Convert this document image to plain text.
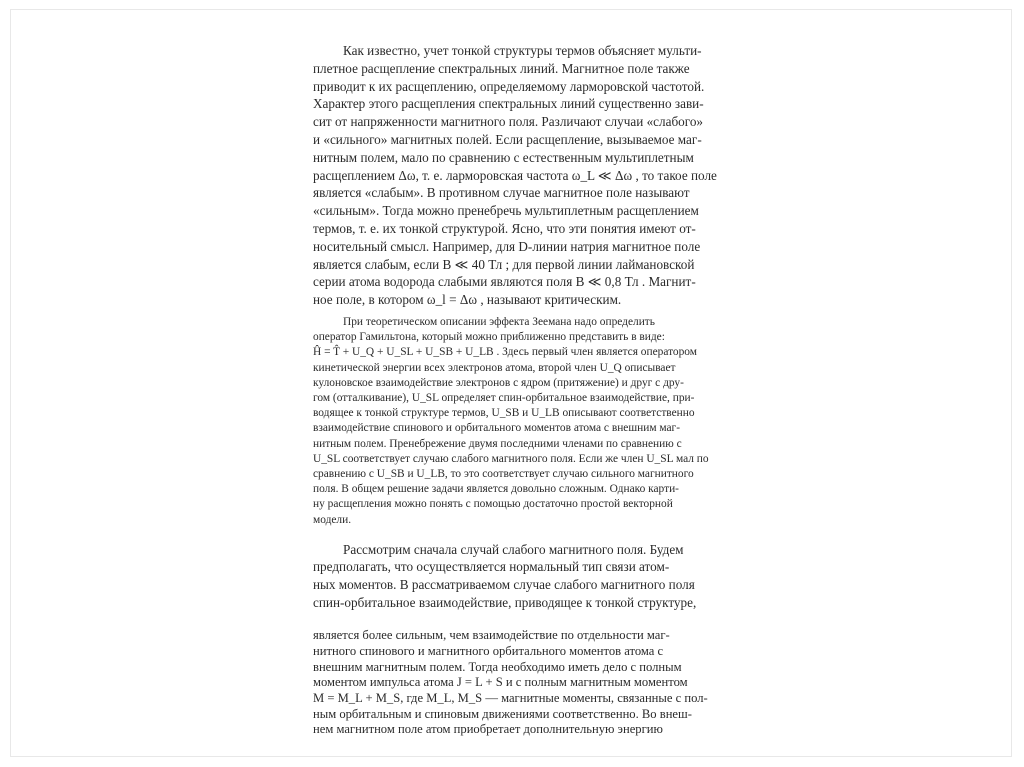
Как известно, учет тонкой структуры термов объясняет мульти-
плетное расщепление спектральных линий. Магнитное поле также
приводит к их расщеплению, определяемому ларморовской частотой.
Характер этого расщепления спектральных линий существенно зави-
сит от напряженности магнитного поля. Различают случаи «слабого»
и «сильного» магнитных полей. Если расщепление, вызываемое маг-
нитным полем, мало по сравнению с естественным мультиплетным
расщеплением Δω, т. е. ларморовская частота ω_L ≪ Δω , то такое поле
является «слабым». В противном случае магнитное поле называют
«сильным». Тогда можно пренебречь мультиплетным расщеплением
термов, т. е. их тонкой структурой. Ясно, что эти понятия имеют от-
носительный смысл. Например, для D-линии натрия магнитное поле
является слабым, если B ≪ 40 Тл ; для первой линии лаймановской
серии атома водорода слабыми являются поля B ≪ 0,8 Тл . Магнит-
ное поле, в котором ω_l = Δω , называют критическим.
При теоретическом описании эффекта Зеемана надо определить
оператор Гамильтона, который можно приближенно представить в виде:
Ĥ = T̂ + U_Q + U_SL + U_SB + U_LB . Здесь первый член является оператором
кинетической энергии всех электронов атома, второй член U_Q описывает
кулоновское взаимодействие электронов с ядром (притяжение) и друг с дру-
гом (отталкивание), U_SL определяет спин-орбитальное взаимодействие, при-
водящее к тонкой структуре термов, U_SB и U_LB описывают соответственно
взаимодействие спинового и орбитального моментов атома с внешним маг-
нитным полем. Пренебрежение двумя последними членами по сравнению с
U_SL соответствует случаю слабого магнитного поля. Если же член U_SL мал по
сравнению с U_SB и U_LB, то это соответствует случаю сильного магнитного
поля. В общем решение задачи является довольно сложным. Однако карти-
ну расщепления можно понять с помощью достаточно простой векторной
модели.
Рассмотрим сначала случай слабого магнитного поля. Будем
предполагать, что осуществляется нормальный тип связи атом-
ных моментов. В рассматриваемом случае слабого магнитного поля
спин-орбитальное взаимодействие, приводящее к тонкой структуре,
является более сильным, чем взаимодействие по отдельности маг-
нитного спинового и магнитного орбитального моментов атома с
внешним магнитным полем. Тогда необходимо иметь дело с полным
моментом импульса атома J = L + S и с полным магнитным моментом
M = M_L + M_S, где M_L, M_S — магнитные моменты, связанные с пол-
ным орбитальным и спиновым движениями соответственно. Во внеш-
нем магнитном поле атом приобретает дополнительную энергию
